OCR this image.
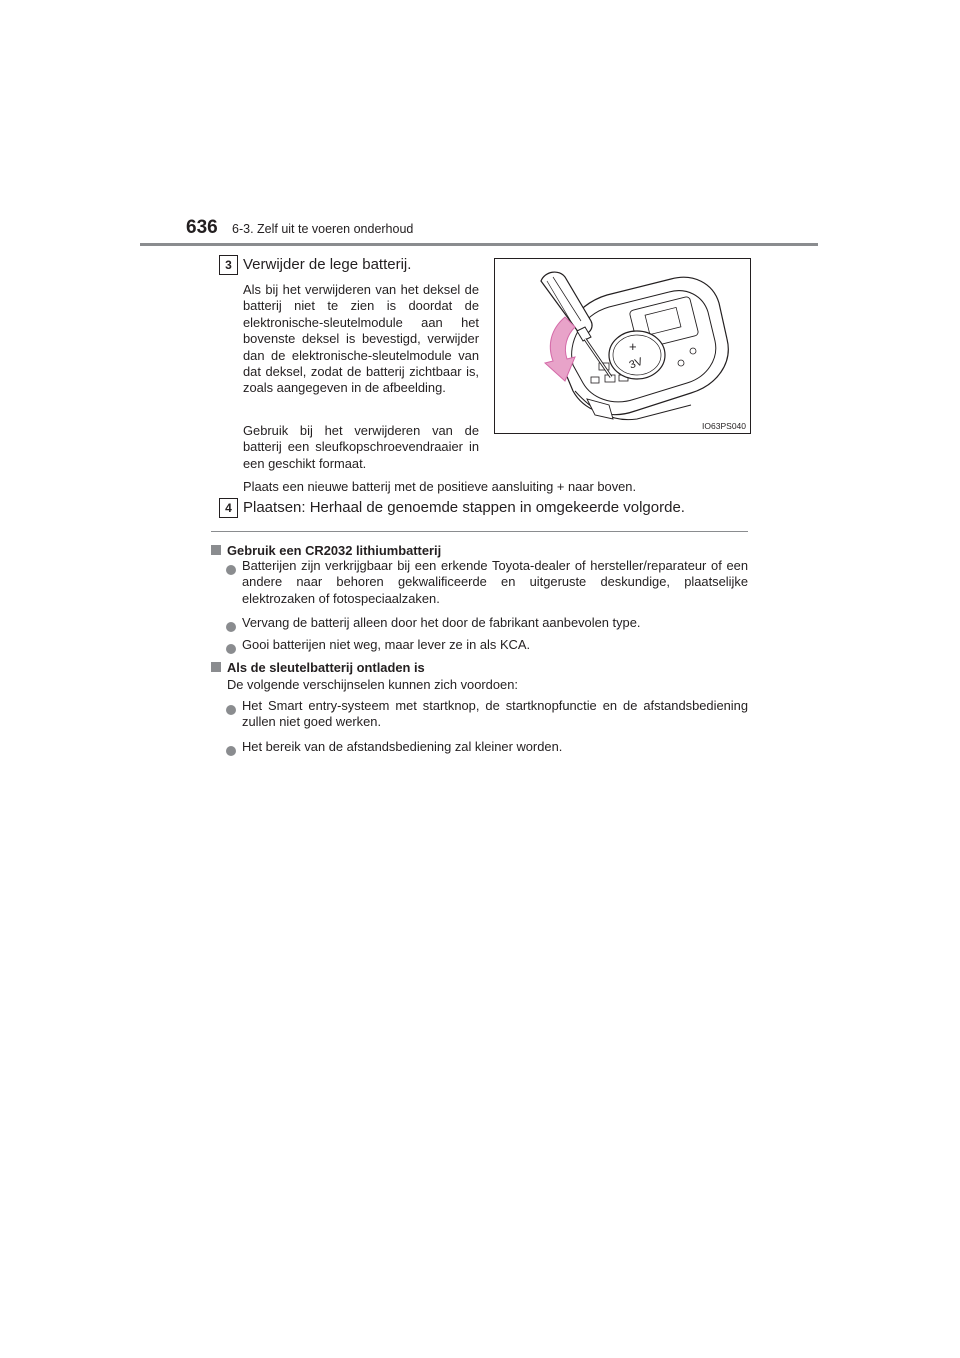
636 6-3. Zelf uit te voeren onderhoud
3 Verwijder de lege batterij.
Als bij het verwijderen van het deksel de batterij niet te zien is doordat de elektronische-sleutelmodule aan het bovenste deksel is bevestigd, verwijder dan de elektronische-sleutelmodule van dat deksel, zodat de batterij zichtbaar is, zoals aangegeven in de afbeelding.
Gebruik bij het verwijderen van de batterij een sleufkopschroevendraaier in een geschikt formaat.
Plaats een nieuwe batterij met de positieve aansluiting + naar boven.
+
3V
IO63PS040
4 Plaatsen: Herhaal de genoemde stappen in omgekeerde volgorde.
Gebruik een CR2032 lithiumbatterij
Batterijen zijn verkrijgbaar bij een erkende Toyota-dealer of hersteller/reparateur of een andere naar behoren gekwalificeerde en uitgeruste deskundige, plaatselijke elektrozaken of fotospeciaalzaken.
Vervang de batterij alleen door het door de fabrikant aanbevolen type.
Gooi batterijen niet weg, maar lever ze in als KCA.
Als de sleutelbatterij ontladen is
De volgende verschijnselen kunnen zich voordoen:
Het Smart entry-systeem met startknop, de startknopfunctie en de afstandsbediening zullen niet goed werken.
Het bereik van de afstandsbediening zal kleiner worden.
